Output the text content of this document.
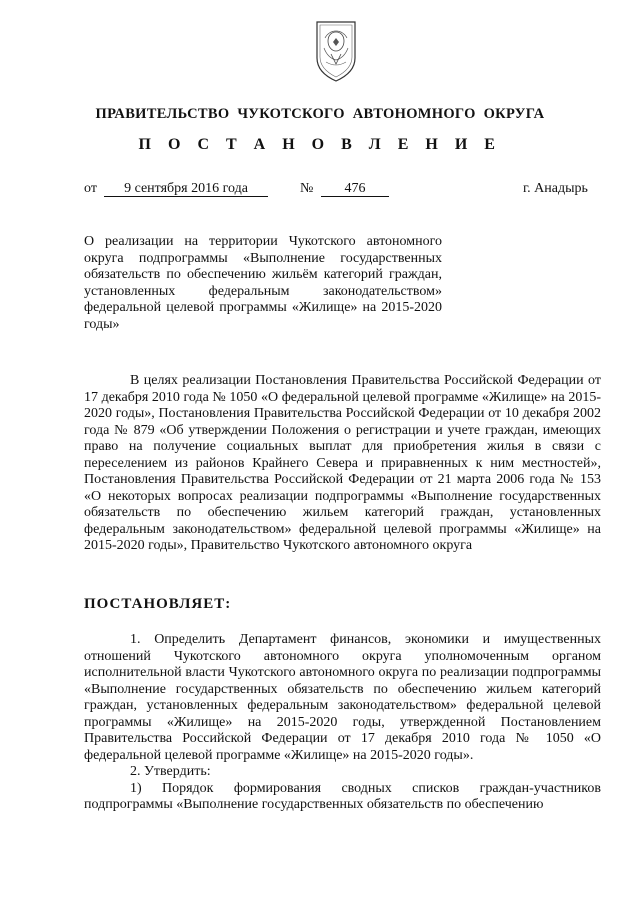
ПРАВИТЕЛЬСТВО ЧУКОТСКОГО АВТОНОМНОГО ОКРУГА
П О С Т А Н О В Л Е Н И Е
от	9 сентября 2016 года	№	476	г. Анадырь

О реализации на территории Чукотского автономного округа подпрограммы «Выполнение государственных обязательств по обеспечению жильём категорий граждан, установленных федеральным законодательством» федеральной целевой программы «Жилище» на 2015-2020 годы»

В целях реализации Постановления Правительства Российской Федерации от 17 декабря 2010 года № 1050 «О федеральной целевой программе «Жилище» на 2015-2020 годы», Постановления Правительства Российской Федерации от 10 декабря 2002 года № 879 «Об утверждении Положения о регистрации и учете граждан, имеющих право на получение социальных выплат для приобретения жилья в связи с переселением из районов Крайнего Севера и приравненных к ним местностей», Постановления Правительства Российской Федерации от 21 марта 2006 года № 153 «О некоторых вопросах реализации подпрограммы «Выполнение государственных обязательств по обеспечению жильем категорий граждан, установленных федеральным законодательством» федеральной целевой программы «Жилище» на 2015-2020 годы», Правительство Чукотского автономного округа

ПОСТАНОВЛЯЕТ:

1. Определить Департамент финансов, экономики и имущественных отношений Чукотского автономного округа уполномоченным органом исполнительной власти Чукотского автономного округа по реализации подпрограммы «Выполнение государственных обязательств по обеспечению жильем категорий граждан, установленных федеральным законодательством» федеральной целевой программы «Жилище» на 2015-2020 годы, утвержденной Постановлением Правительства Российской Федерации от 17 декабря 2010 года № 1050 «О федеральной целевой программе «Жилище» на 2015-2020 годы».

2. Утвердить:

1) Порядок формирования сводных списков граждан-участников подпрограммы «Выполнение государственных обязательств по обеспечению
